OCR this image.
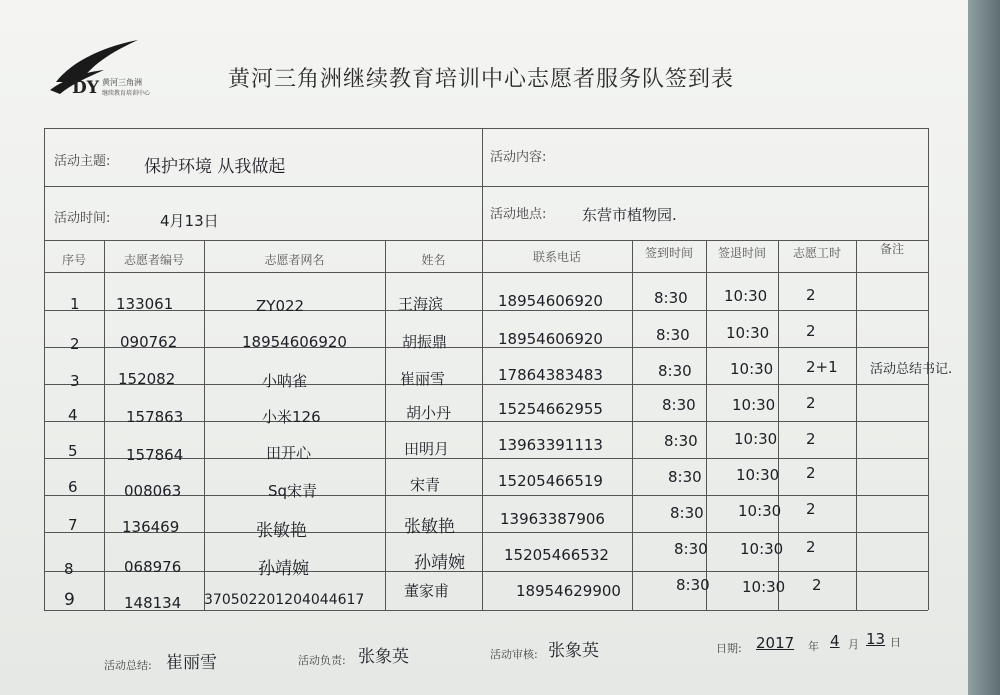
DY 黄河三角洲
继续教育培训中心
黄河三角洲继续教育培训中心志愿者服务队签到表
活动主题: 保护环境 从我做起	活动内容:
活动时间:	4月13日	活动地点: 东营市植物园.
序号	志愿者编号	志愿者网名	姓名	联系电话	签到时间	签退时间	志愿工时	备注
1 133061	ZY022	王海滨	18954606920	8:30 10:30	2
2	090762	18954606920	胡振鼎	18954606920	8:30 10:30 2
3	152082	小呐雀	崔丽雪	17864383483	8:30	10:30 2+1 活动总结书记.
4	157863	小米126	胡小丹	15254662955	8:30 10:30 2
5	157864	田开心	田明月	13963391113	8:30 10:30 2
6	008063	Sq宋青	宋青	15205466519	8:30 10:30 2
7	136469	张敏艳	张敏艳	13963387906	8:30 10:30 2
8	068976	孙靖婉	孙靖婉	15205466532	8:30 10:30 2
9	148134 370502201204044617	董家甫	18954629900	8:30 10:30 2
活动总结: 崔丽雪	活动负责: 张象英	活动审核: 张象英	日期: 2017 年 4 月 13 日
